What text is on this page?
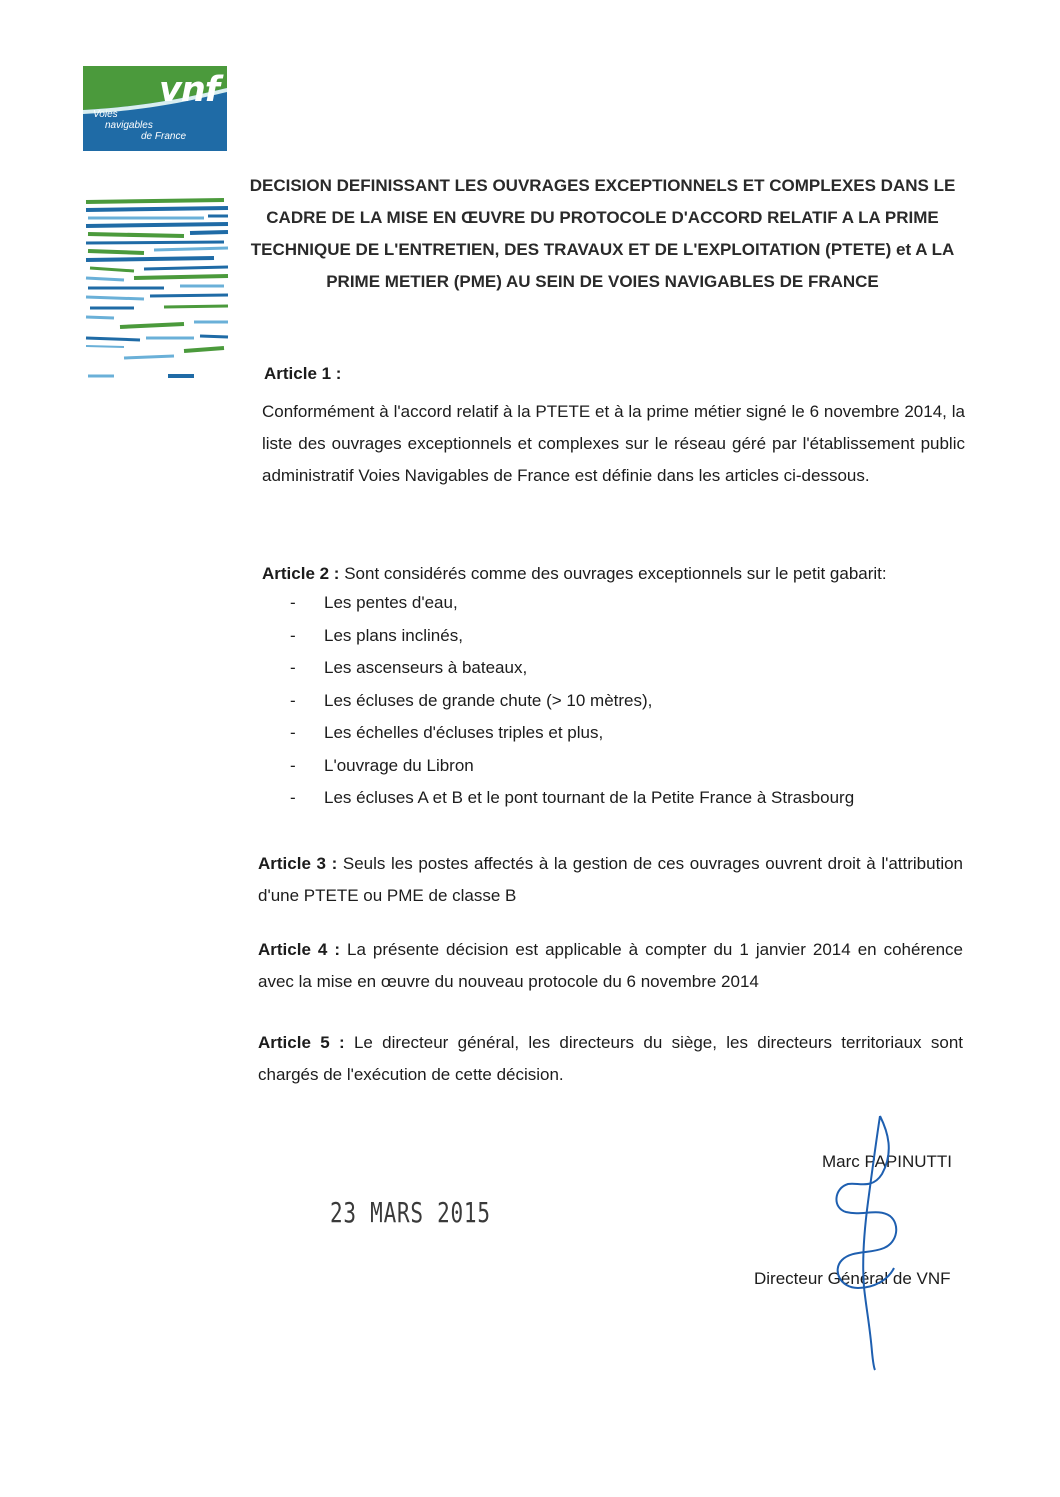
vnf
Voies
navigables
de France
DECISION DEFINISSANT LES OUVRAGES EXCEPTIONNELS ET COMPLEXES DANS LE CADRE DE LA MISE EN ŒUVRE DU PROTOCOLE D'ACCORD RELATIF A LA PRIME TECHNIQUE DE L'ENTRETIEN, DES TRAVAUX ET DE L'EXPLOITATION (PTETE) et A LA PRIME METIER (PME) AU SEIN DE VOIES NAVIGABLES DE FRANCE
Article 1 :

Conformément à l'accord relatif à la PTETE et à la prime métier signé le 6 novembre 2014, la liste des ouvrages exceptionnels et complexes sur le réseau géré par l'établissement public administratif Voies Navigables de France est définie dans les articles ci-dessous.

Article 2 : Sont considérés comme des ouvrages exceptionnels sur le petit gabarit:

- Les pentes d'eau,
- Les plans inclinés,
- Les ascenseurs à bateaux,
- Les écluses de grande chute (> 10 mètres),
- Les échelles d'écluses triples et plus,
- L'ouvrage du Libron
- Les écluses A et B et le pont tournant de la Petite France à Strasbourg

Article 3 : Seuls les postes affectés à la gestion de ces ouvrages ouvrent droit à l'attribution d'une PTETE ou PME de classe B

Article 4 : La présente décision est applicable à compter du 1 janvier 2014 en cohérence avec la mise en œuvre du nouveau protocole du 6 novembre 2014

Article 5 : Le directeur général, les directeurs du siège, les directeurs territoriaux sont chargés de l'exécution de cette décision.

23 MARS 2015
Marc PAPINUTTI
Directeur Général de VNF
